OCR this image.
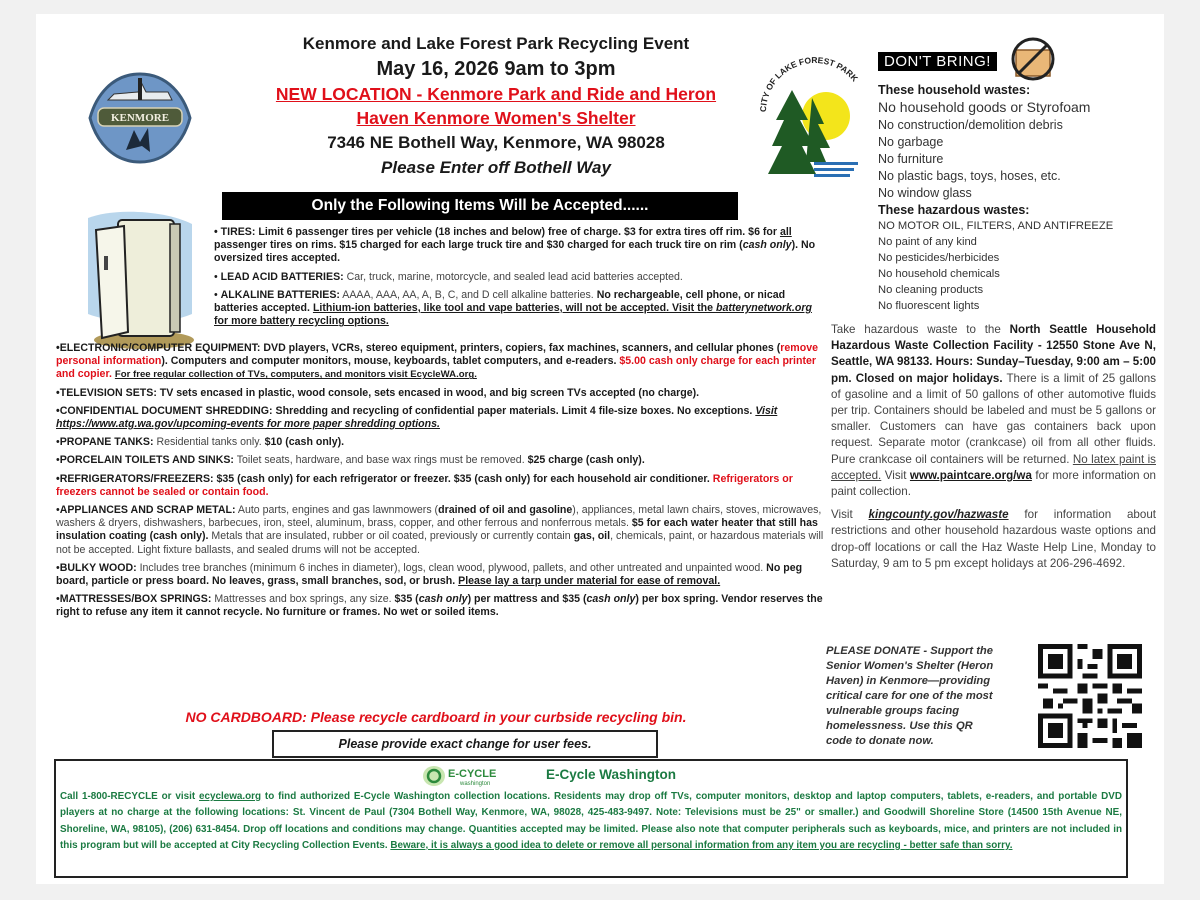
KENMORE
Kenmore and Lake Forest Park Recycling Event
May 16, 2026 9am to 3pm
NEW LOCATION - Kenmore Park and Ride and Heron
Haven Kenmore Women's Shelter
7346 NE Bothell Way, Kenmore, WA 98028
Please Enter off Bothell Way
CITY OF LAKE FOREST PARK
Only the Following Items Will be Accepted......
• TIRES: Limit 6 passenger tires per vehicle (18 inches and below) free of charge. $3 for extra tires off rim. $6 for all passenger tires on rims. $15 charged for each large truck tire and $30 charged for each truck tire on rim (cash only). No oversized tires accepted.
• LEAD ACID BATTERIES: Car, truck, marine, motorcycle, and sealed lead acid batteries accepted.
• ALKALINE BATTERIES: AAAA, AAA, AA, A, B, C, and D cell alkaline batteries. No rechargeable, cell phone, or nicad batteries accepted. Lithium-ion batteries, like tool and vape batteries, will not be accepted. Visit the batterynetwork.org for more battery recycling options.
•ELECTRONIC/COMPUTER EQUIPMENT: DVD players, VCRs, stereo equipment, printers, copiers, fax machines, scanners, and cellular phones (remove personal information). Computers and computer monitors, mouse, keyboards, tablet computers, and e-readers. $5.00 cash only charge for each printer and copier. For free regular collection of TVs, computers, and monitors visit EcycleWA.org.
•TELEVISION SETS: TV sets encased in plastic, wood console, sets encased in wood, and big screen TVs accepted (no charge).
•CONFIDENTIAL DOCUMENT SHREDDING: Shredding and recycling of confidential paper materials. Limit 4 file-size boxes. No exceptions. Visit https://www.atg.wa.gov/upcoming-events for more paper shredding options.
•PROPANE TANKS: Residential tanks only. $10 (cash only).
•PORCELAIN TOILETS AND SINKS: Toilet seats, hardware, and base wax rings must be removed. $25 charge (cash only).
•REFRIGERATORS/FREEZERS: $35 (cash only) for each refrigerator or freezer. $35 (cash only) for each household air conditioner. Refrigerators or freezers cannot be sealed or contain food.
•APPLIANCES AND SCRAP METAL: Auto parts, engines and gas lawnmowers (drained of oil and gasoline), appliances, metal lawn chairs, stoves, microwaves, washers & dryers, dishwashers, barbecues, iron, steel, aluminum, brass, copper, and other ferrous and nonferrous metals. $5 for each water heater that still has insulation coating (cash only). Metals that are insulated, rubber or oil coated, previously or currently contain gas, oil, chemicals, paint, or hazardous materials will not be accepted. Light fixture ballasts, and sealed drums will not be accepted.
•BULKY WOOD: Includes tree branches (minimum 6 inches in diameter), logs, clean wood, plywood, pallets, and other untreated and unpainted wood. No peg board, particle or press board. No leaves, grass, small branches, sod, or brush. Please lay a tarp under material for ease of removal.
•MATTRESSES/BOX SPRINGS: Mattresses and box springs, any size. $35 (cash only) per mattress and $35 (cash only) per box spring. Vendor reserves the right to refuse any item it cannot recycle. No furniture or frames. No wet or soiled items.
NO CARDBOARD: Please recycle cardboard in your curbside recycling bin.
Please provide exact change for user fees.
DON'T BRING!
These household wastes:
No household goods or Styrofoam
No construction/demolition debris
No garbage
No furniture
No plastic bags, toys, hoses, etc.
No window glass
These hazardous wastes:
NO MOTOR OIL, FILTERS, AND ANTIFREEZE
No paint of any kind
No pesticides/herbicides
No household chemicals
No cleaning products
No fluorescent lights
Take hazardous waste to the North Seattle Household Hazardous Waste Collection Facility - 12550 Stone Ave N, Seattle, WA 98133. Hours: Sunday–Tuesday, 9:00 am – 5:00 pm. Closed on major holidays. There is a limit of 25 gallons of gasoline and a limit of 50 gallons of other automotive fluids per trip. Containers should be labeled and must be 5 gallons or smaller. Customers can have gas containers back upon request. Separate motor (crankcase) oil from all other fluids. Pure crankcase oil containers will be returned. No latex paint is accepted. Visit www.paintcare.org/wa for more information on paint collection.
Visit kingcounty.gov/hazwaste for information about restrictions and other household hazardous waste options and drop-off locations or call the Haz Waste Help Line, Monday to Saturday, 9 am to 5 pm except holidays at 206-296-4692.
PLEASE DONATE - Support the Senior Women's Shelter (Heron Haven) in Kenmore—providing critical care for one of the most vulnerable groups facing homelessness. Use this QR code to donate now.
E-CYCLE
washington
E-Cycle Washington
Call 1-800-RECYCLE or visit ecyclewa.org to find authorized E-Cycle Washington collection locations. Residents may drop off TVs, computer monitors, desktop and laptop computers, tablets, e-readers, and portable DVD players at no charge at the following locations: St. Vincent de Paul (7304 Bothell Way, Kenmore, WA, 98028, 425-483-9497. Note: Televisions must be 25" or smaller.) and Goodwill Shoreline Store (14500 15th Avenue NE, Shoreline, WA, 98105), (206) 631-8454. Drop off locations and conditions may change. Quantities accepted may be limited. Please also note that computer peripherals such as keyboards, mice, and printers are not included in this program but will be accepted at City Recycling Collection Events. Beware, it is always a good idea to delete or remove all personal information from any item you are recycling - better safe than sorry.
